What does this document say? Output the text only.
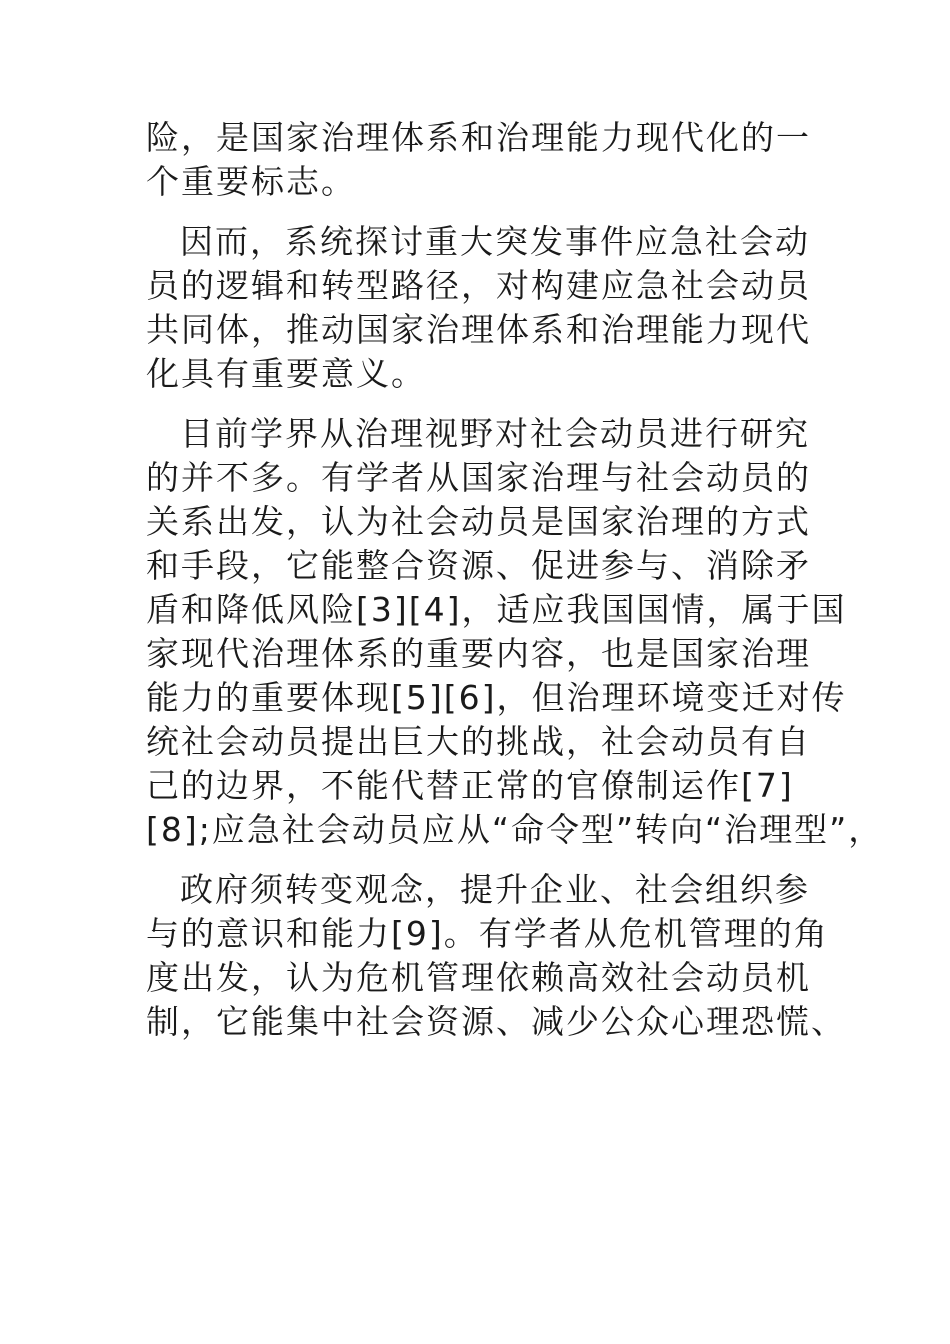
险，是国家治理体系和治理能力现代化的一
个重要标志。
因而，系统探讨重大突发事件应急社会动
员的逻辑和转型路径，对构建应急社会动员
共同体，推动国家治理体系和治理能力现代
化具有重要意义。
目前学界从治理视野对社会动员进行研究
的并不多。有学者从国家治理与社会动员的
关系出发，认为社会动员是国家治理的方式
和手段，它能整合资源、促进参与、消除矛
盾和降低风险[3][4]，适应我国国情，属于国
家现代治理体系的重要内容，也是国家治理
能力的重要体现[5][6]，但治理环境变迁对传
统社会动员提出巨大的挑战，社会动员有自
己的边界，不能代替正常的官僚制运作[7]
[8];应急社会动员应从“命令型”转向“治理型”，
政府须转变观念，提升企业、社会组织参
与的意识和能力[9]。有学者从危机管理的角
度出发，认为危机管理依赖高效社会动员机
制，它能集中社会资源、减少公众心理恐慌、
